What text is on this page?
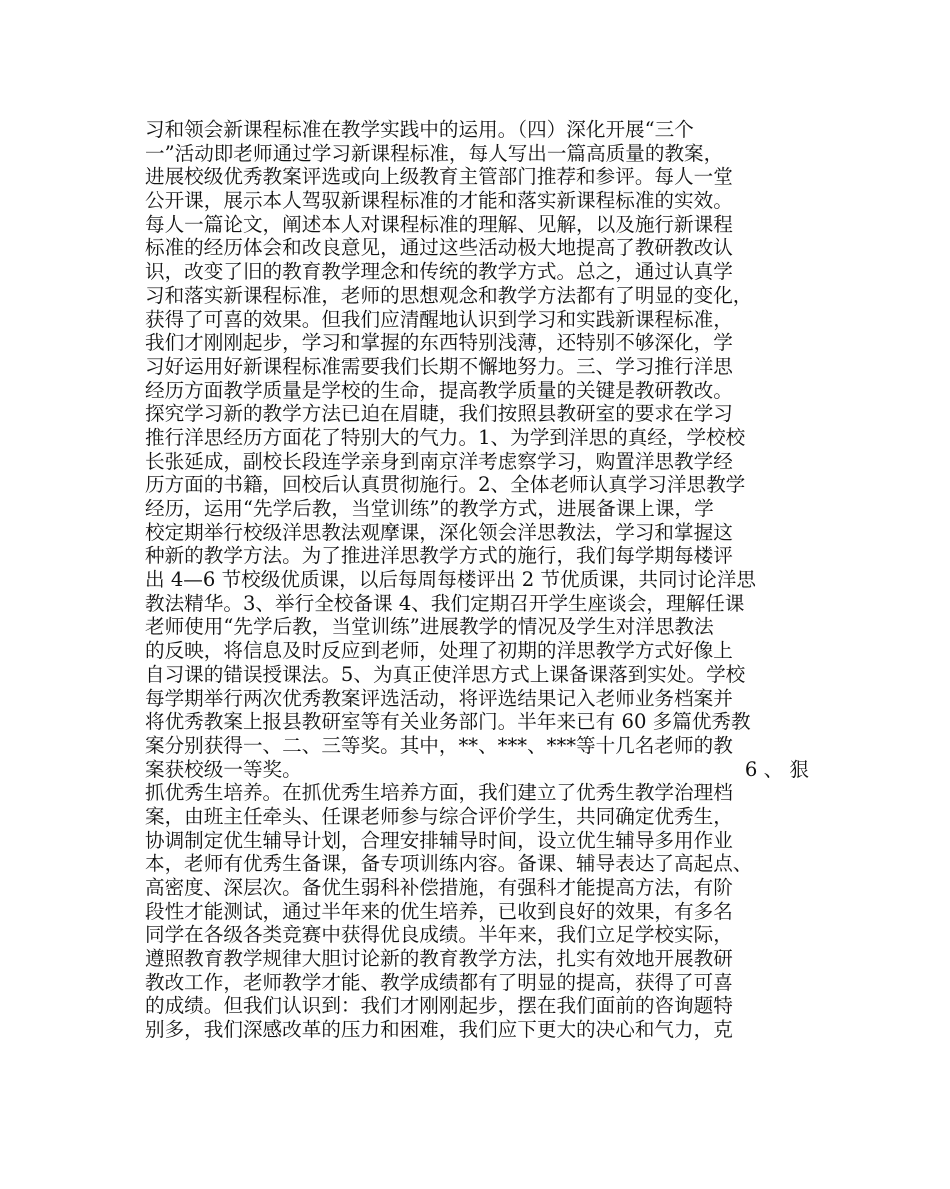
习和领会新课程标准在教学实践中的运用。（四）深化开展“三个
一”活动即老师通过学习新课程标准，每人写出一篇高质量的教案，
进展校级优秀教案评选或向上级教育主管部门推荐和参评。每人一堂
公开课，展示本人驾驭新课程标准的才能和落实新课程标准的实效。
每人一篇论文，阐述本人对课程标准的理解、见解，以及施行新课程
标准的经历体会和改良意见，通过这些活动极大地提高了教研教改认
识，改变了旧的教育教学理念和传统的教学方式。总之，通过认真学
习和落实新课程标准，老师的思想观念和教学方法都有了明显的变化，
获得了可喜的效果。但我们应清醒地认识到学习和实践新课程标准，
我们才刚刚起步，学习和掌握的东西特别浅薄，还特别不够深化，学
习好运用好新课程标准需要我们长期不懈地努力。三、学习推行洋思
经历方面教学质量是学校的生命，提高教学质量的关键是教研教改。
探究学习新的教学方法已迫在眉睫，我们按照县教研室的要求在学习
推行洋思经历方面花了特别大的气力。1、为学到洋思的真经，学校校
长张延成，副校长段连学亲身到南京洋考虑察学习，购置洋思教学经
历方面的书籍，回校后认真贯彻施行。2、全体老师认真学习洋思教学
经历，运用“先学后教，当堂训练”的教学方式，进展备课上课，学
校定期举行校级洋思教法观摩课，深化领会洋思教法，学习和掌握这
种新的教学方法。为了推进洋思教学方式的施行，我们每学期每楼评
出 4—6 节校级优质课，以后每周每楼评出 2 节优质课，共同讨论洋思
教法精华。3、举行全校备课 4、我们定期召开学生座谈会，理解任课
老师使用“先学后教，当堂训练”进展教学的情况及学生对洋思教法
的反映，将信息及时反应到老师，处理了初期的洋思教学方式好像上
自习课的错误授课法。5、为真正使洋思方式上课备课落到实处。学校
每学期举行两次优秀教案评选活动，将评选结果记入老师业务档案并
将优秀教案上报县教研室等有关业务部门。半年来已有 60 多篇优秀教
案分别获得一、二、三等奖。其中，**、***、***等十几名老师的教
案获校级一等奖。	6 、 狠
抓优秀生培养。在抓优秀生培养方面，我们建立了优秀生教学治理档
案，由班主任牵头、任课老师参与综合评价学生，共同确定优秀生，
协调制定优生辅导计划，合理安排辅导时间，设立优生辅导多用作业
本，老师有优秀生备课，备专项训练内容。备课、辅导表达了高起点、
高密度、深层次。备优生弱科补偿措施，有强科才能提高方法，有阶
段性才能测试，通过半年来的优生培养，已收到良好的效果，有多名
同学在各级各类竞赛中获得优良成绩。半年来，我们立足学校实际，
遵照教育教学规律大胆讨论新的教育教学方法，扎实有效地开展教研
教改工作，老师教学才能、教学成绩都有了明显的提高，获得了可喜
的成绩。但我们认识到：我们才刚刚起步，摆在我们面前的咨询题特
别多，我们深感改革的压力和困难，我们应下更大的决心和气力，克
